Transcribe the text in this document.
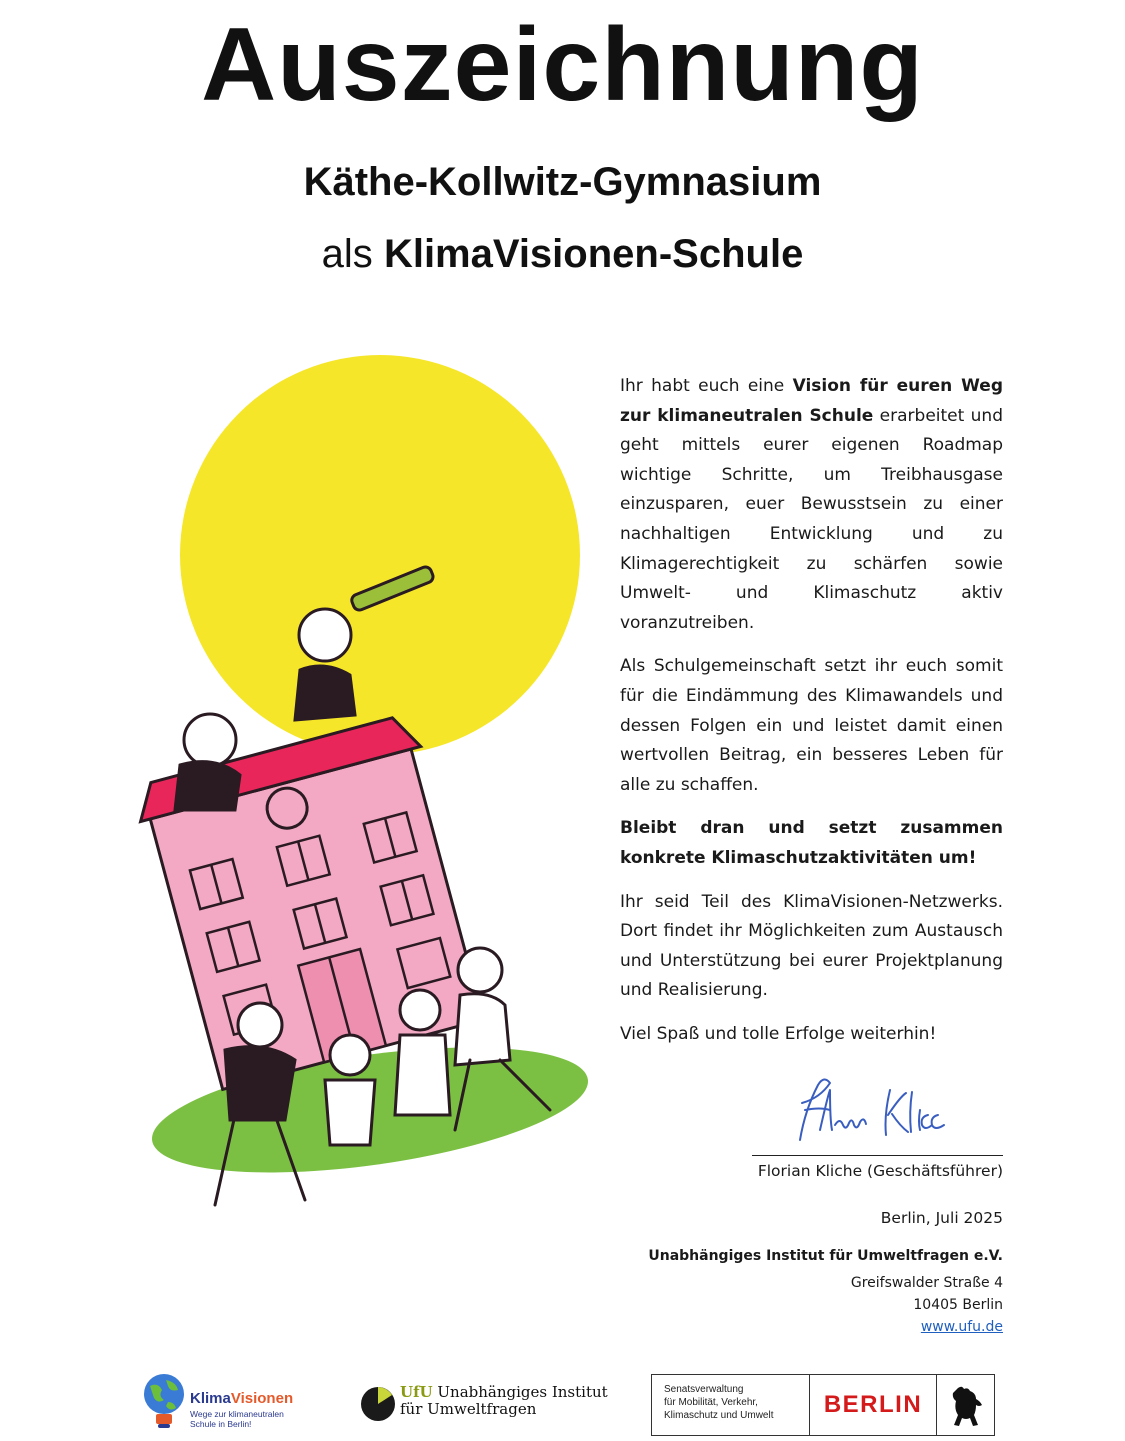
Auszeichnung
Käthe-Kollwitz-Gymnasium
als KlimaVisionen-Schule

Ihr habt euch eine Vision für euren Weg zur klimaneutralen Schule erarbeitet und geht mittels eurer eigenen Roadmap wichtige Schritte, um Treibhausgase einzusparen, euer Bewusstsein zu einer nachhaltigen Entwicklung und zu Klimagerechtigkeit zu schärfen sowie Umwelt- und Klimaschutz aktiv voranzutreiben.

Als Schulgemeinschaft setzt ihr euch somit für die Eindämmung des Klimawandels und dessen Folgen ein und leistet damit einen wertvollen Beitrag, ein besseres Leben für alle zu schaffen.

Bleibt dran und setzt zusammen konkrete Klimaschutzaktivitäten um!

Ihr seid Teil des KlimaVisionen-Netzwerks. Dort findet ihr Möglichkeiten zum Austausch und Unterstützung bei eurer Projektplanung und Realisierung.

Viel Spaß und tolle Erfolge weiterhin!

Florian Kliche (Geschäftsführer)
Berlin, Juli 2025
Unabhängiges Institut für Umweltfragen e.V.
Greifswalder Straße 4
10405 Berlin
www.ufu.de
KlimaVisionen
Wege zur klimaneutralen
Schule in Berlin!
UfU Unabhängiges Institut
für Umweltfragen
Senatsverwaltung
für Mobilität, Verkehr,
Klimaschutz und Umwelt	BERLIN
